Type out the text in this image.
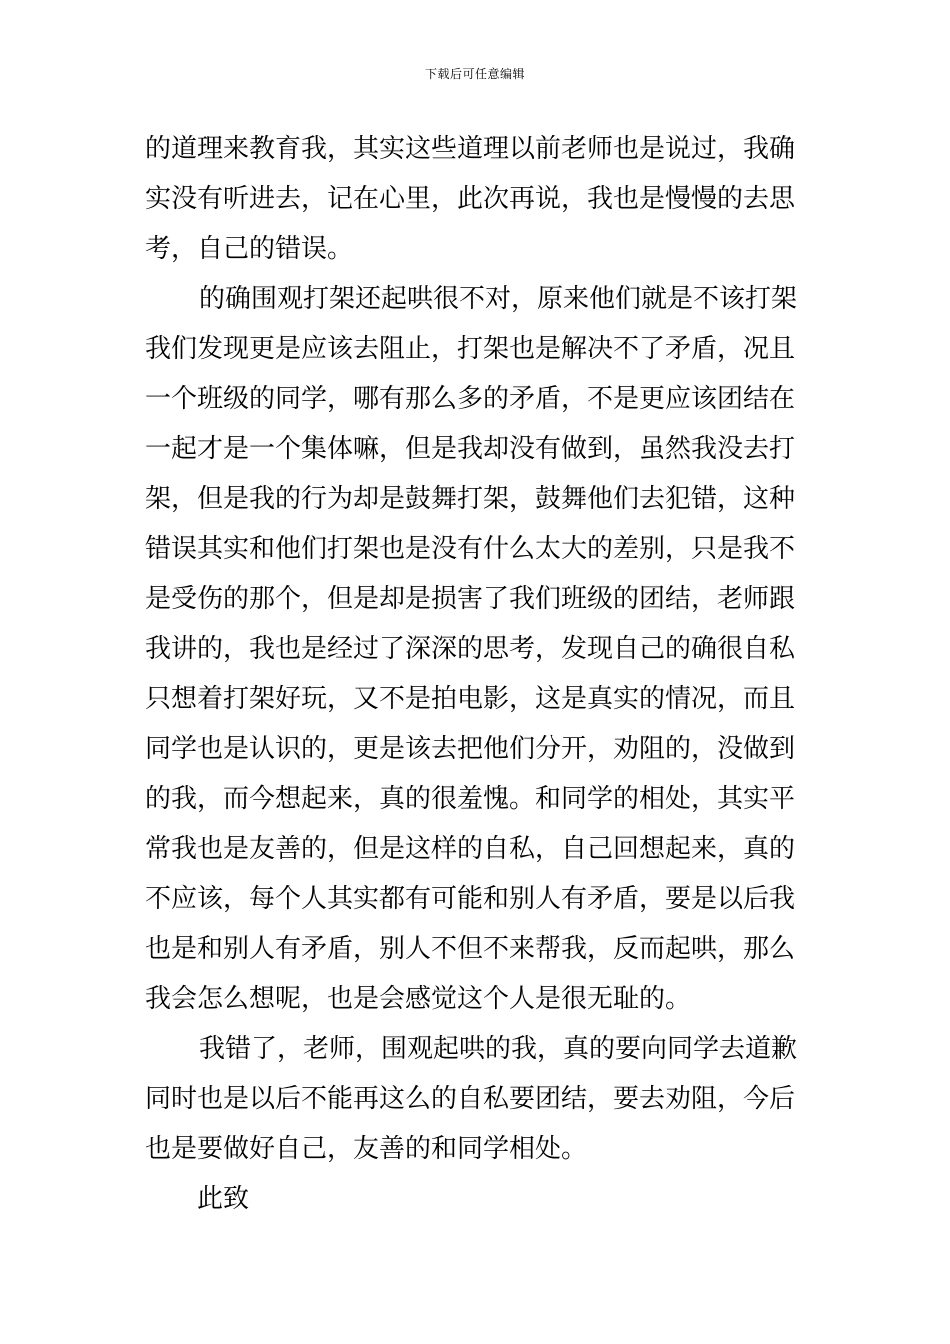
下载后可任意编辑
的道理来教育我，其实这些道理以前老师也是说过，我确
实没有听进去，记在心里，此次再说，我也是慢慢的去思
考，自己的错误。
的确围观打架还起哄很不对，原来他们就是不该打架
我们发现更是应该去阻止，打架也是解决不了矛盾，况且
一个班级的同学，哪有那么多的矛盾，不是更应该团结在
一起才是一个集体嘛，但是我却没有做到，虽然我没去打
架，但是我的行为却是鼓舞打架，鼓舞他们去犯错，这种
错误其实和他们打架也是没有什么太大的差别，只是我不
是受伤的那个，但是却是损害了我们班级的团结，老师跟
我讲的，我也是经过了深深的思考，发现自己的确很自私
只想着打架好玩，又不是拍电影，这是真实的情况，而且
同学也是认识的，更是该去把他们分开，劝阻的，没做到
的我，而今想起来，真的很羞愧。和同学的相处，其实平
常我也是友善的，但是这样的自私，自己回想起来，真的
不应该，每个人其实都有可能和别人有矛盾，要是以后我
也是和别人有矛盾，别人不但不来帮我，反而起哄，那么
我会怎么想呢，也是会感觉这个人是很无耻的。
我错了，老师，围观起哄的我，真的要向同学去道歉
同时也是以后不能再这么的自私要团结，要去劝阻，今后
也是要做好自己，友善的和同学相处。
此致
